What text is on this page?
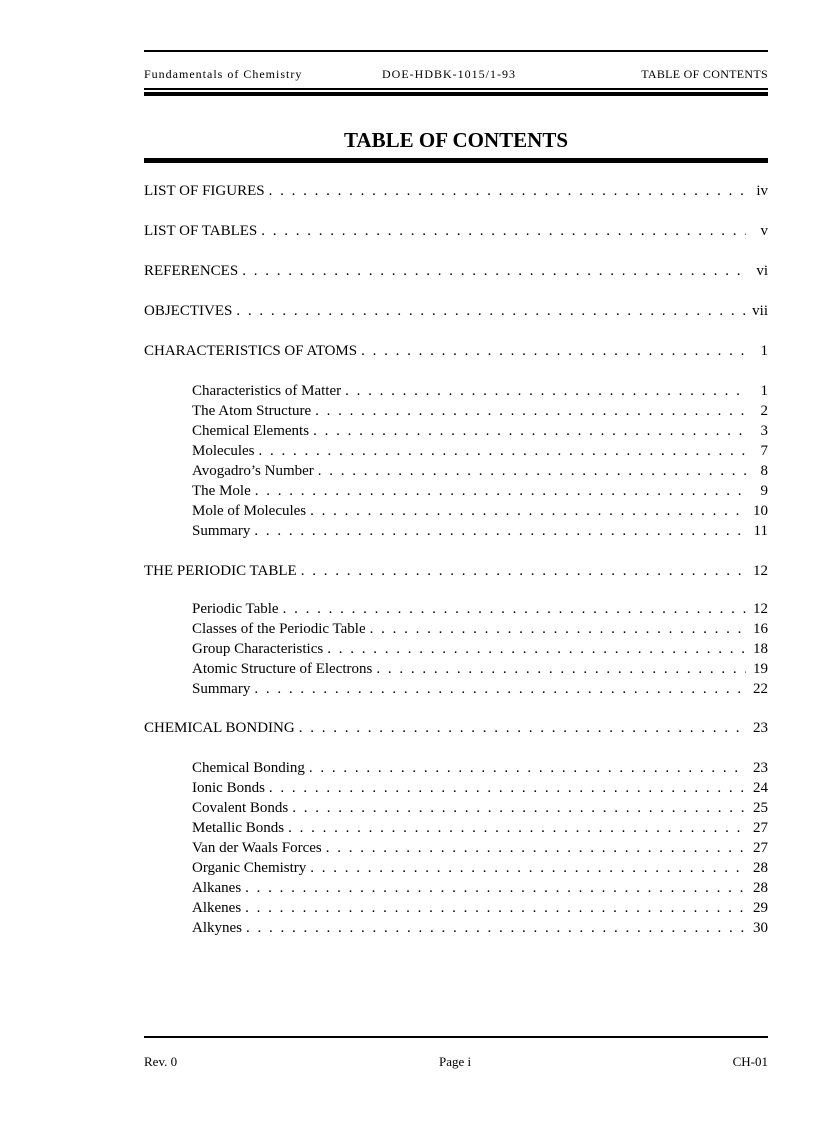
Fundamentals of Chemistry	DOE-HDBK-1015/1-93	TABLE OF CONTENTS
TABLE OF CONTENTS
LIST OF FIGURES . . .	iv
LIST OF TABLES . . .	v
REFERENCES . . .	vi
OBJECTIVES . . .	vii
CHARACTERISTICS OF ATOMS . . .	1
Characteristics of Matter . . .	1
The Atom Structure . . .	2
Chemical Elements . . .	3
Molecules . . .	7
Avogadro’s Number . . .	8
The Mole . . .	9
Mole of Molecules . . .	10
Summary . . .	11
THE PERIODIC TABLE . . .	12
Periodic Table . . .	12
Classes of the Periodic Table . . .	16
Group Characteristics . . .	18
Atomic Structure of Electrons . . .	19
Summary . . .	22
CHEMICAL BONDING . . .	23
Chemical Bonding . . .	23
Ionic Bonds . . .	24
Covalent Bonds . . .	25
Metallic Bonds . . .	27
Van der Waals Forces . . .	27
Organic Chemistry . . .	28
Alkanes . . .	28
Alkenes . . .	29
Alkynes . . .	30
Rev. 0	Page i	CH-01
